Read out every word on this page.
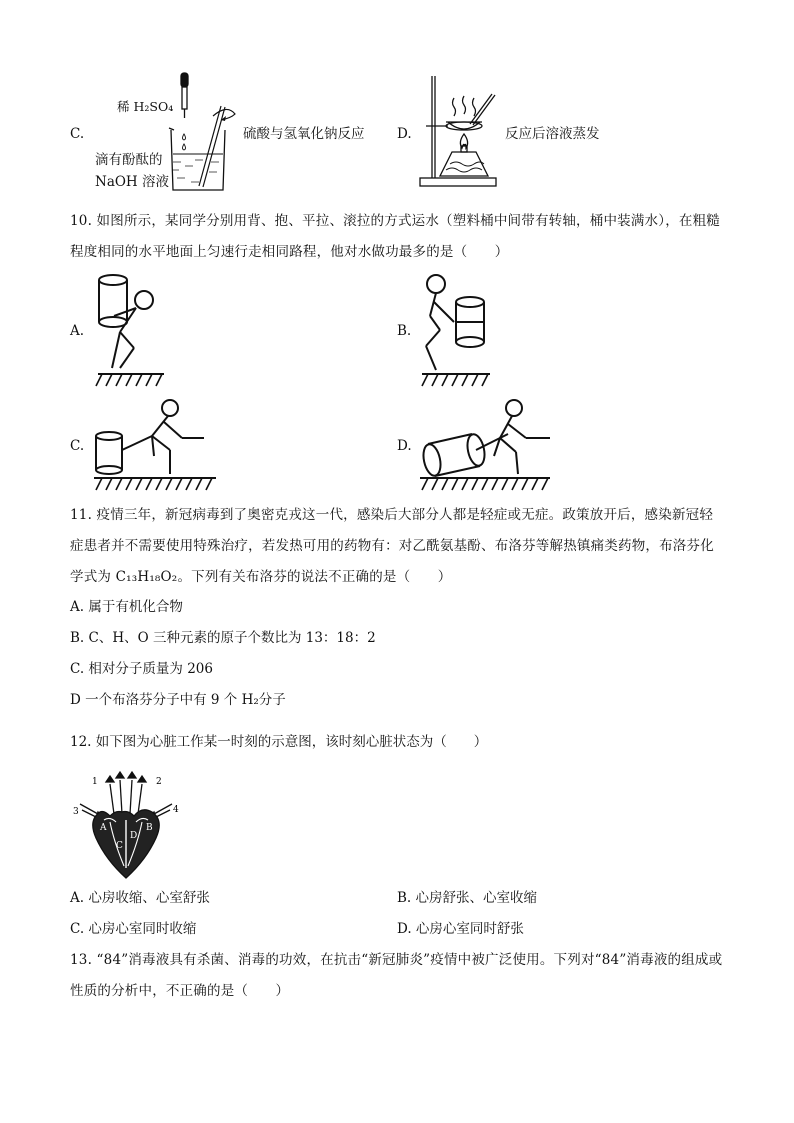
C.
稀 H₂SO₄
滴有酚酞的
NaOH 溶液
硫酸与氢氧化钠反应 D.	反应后溶液蒸发
10. 如图所示，某同学分别用背、抱、平拉、滚拉的方式运水（塑料桶中间带有转轴，桶中装满水），在粗糙程度相同的水平地面上匀速行走相同路程，他对水做功最多的是（　　）
A.	B.
C.	D.
11. 疫情三年，新冠病毒到了奥密克戎这一代，感染后大部分人都是轻症或无症。政策放开后，感染新冠轻症患者并不需要使用特殊治疗，若发热可用的药物有：对乙酰氨基酚、布洛芬等解热镇痛类药物，布洛芬化学式为 C₁₃H₁₈O₂。下列有关布洛芬的说法不正确的是（　　）
A. 属于有机化合物
B. C、H、O 三种元素的原子个数比为 13：18：2
C. 相对分子质量为 206
D 一个布洛芬分子中有 9 个 H₂分子
12. 如下图为心脏工作某一时刻的示意图，该时刻心脏状态为（　　）
1	2
3	4
A	B
C
D
A. 心房收缩、心室舒张	B. 心房舒张、心室收缩
C. 心房心室同时收缩	D. 心房心室同时舒张
13. “84”消毒液具有杀菌、消毒的功效，在抗击“新冠肺炎”疫情中被广泛使用。下列对“84”消毒液的组成或性质的分析中，不正确的是（　　）
